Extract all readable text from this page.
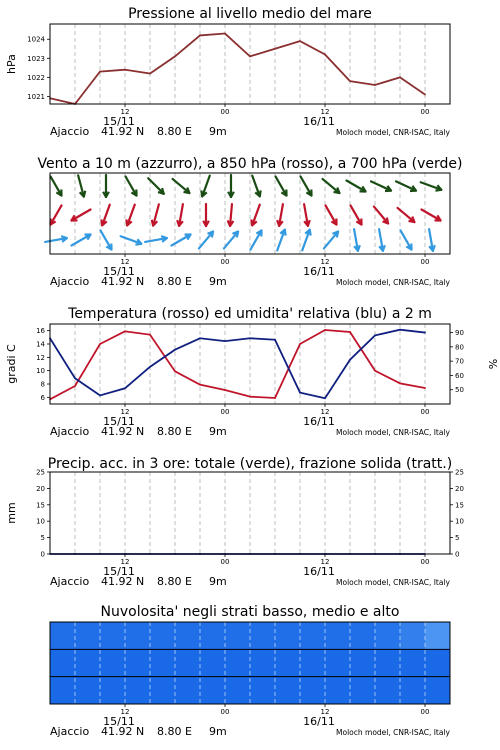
Pressione al livello medio del mare
1021
1022
1023
1024
hPa
12	00	12	00
15/11	16/11
Ajaccio 41.92 N 8.80 E 9m	Moloch model, CNR-ISAC, Italy
Vento a 10 m (azzurro), a 850 hPa (rosso), a 700 hPa (verde)
12	00	12	00
15/11	16/11
Ajaccio 41.92 N 8.80 E 9m	Moloch model, CNR-ISAC, Italy
Temperatura (rosso) ed umidita' relativa (blu) a 2 m
6
8
10
12
14
16
50
60
70
80
90
gradi C	%
12	00	12	00
15/11	16/11
Ajaccio 41.92 N 8.80 E 9m	Moloch model, CNR-ISAC, Italy
Precip. acc. in 3 ore: totale (verde), frazione solida (tratt.)
0
5
10
15
20
25
0
5
10
15
20
25
mm
12	00	12	00
15/11	16/11
Ajaccio 41.92 N 8.80 E 9m	Moloch model, CNR-ISAC, Italy
Nuvolosita' negli strati basso, medio e alto
12	00	12	00
15/11	16/11
Ajaccio 41.92 N 8.80 E 9m	Moloch model, CNR-ISAC, Italy
